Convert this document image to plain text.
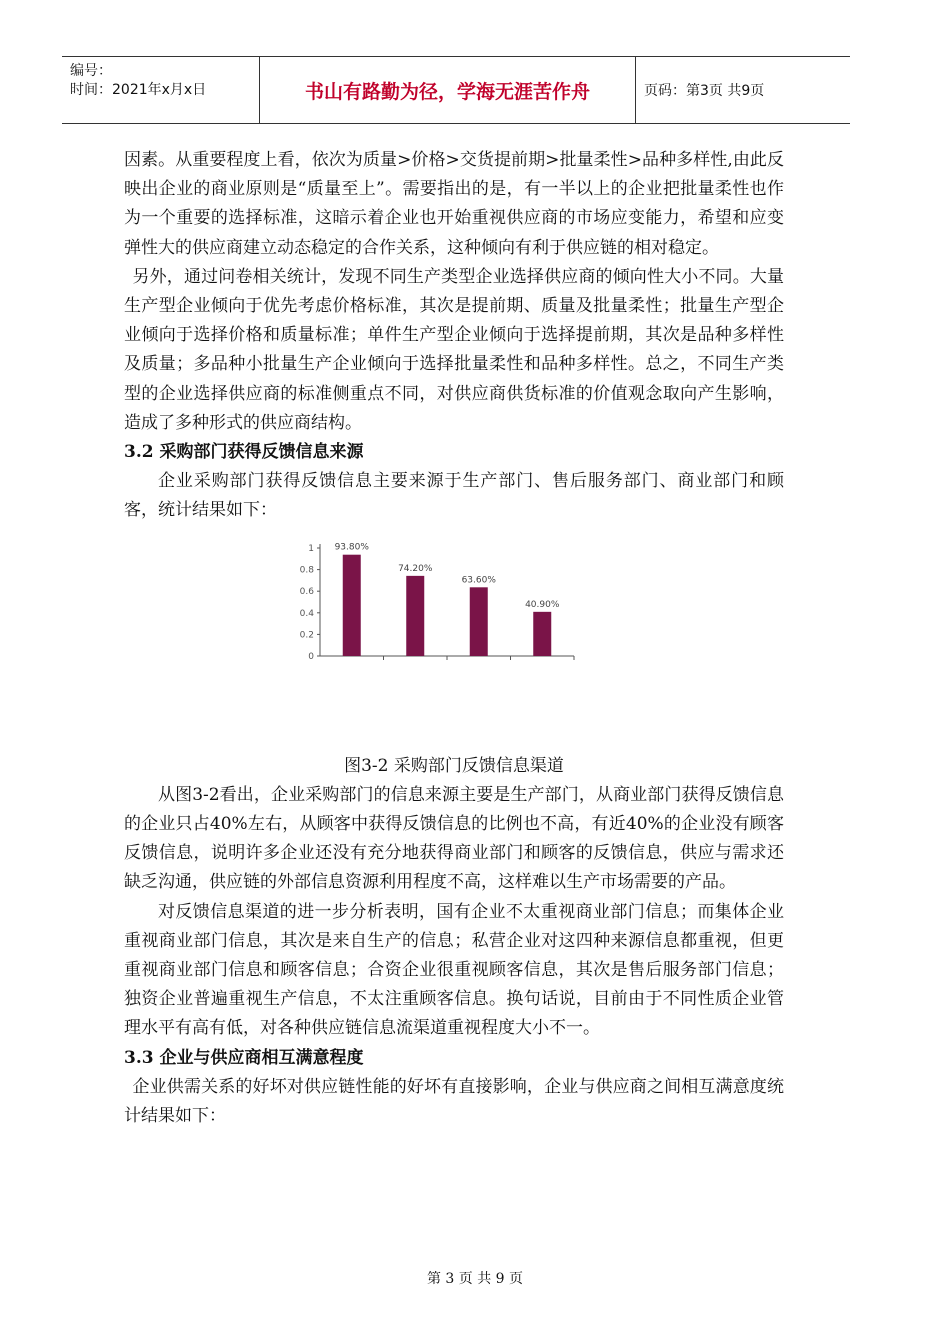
编号：
时间：2021年x月x日	书山有路勤为径，学海无涯苦作舟	页码：第3页 共9页

因素。从重要程度上看，依次为质量>价格>交货提前期>批量柔性>品种多样性,由此反映出企业的商业原则是“质量至上”。需要指出的是，有一半以上的企业把批量柔性也作为一个重要的选择标准，这暗示着企业也开始重视供应商的市场应变能力，希望和应变弹性大的供应商建立动态稳定的合作关系，这种倾向有利于供应链的相对稳定。

另外，通过问卷相关统计，发现不同生产类型企业选择供应商的倾向性大小不同。大量生产型企业倾向于优先考虑价格标准，其次是提前期、质量及批量柔性；批量生产型企业倾向于选择价格和质量标准；单件生产型企业倾向于选择提前期，其次是品种多样性及质量；多品种小批量生产企业倾向于选择批量柔性和品种多样性。总之，不同生产类型的企业选择供应商的标准侧重点不同，对供应商供货标准的价值观念取向产生影响，造成了多种形式的供应商结构。

3.2 采购部门获得反馈信息来源

企业采购部门获得反馈信息主要来源于生产部门、售后服务部门、商业部门和顾客，统计结果如下：

0
0.2
0.4
0.6
0.8
1 93.80%
74.20%
63.60%
40.90%

图3-2 采购部门反馈信息渠道

从图3-2看出，企业采购部门的信息来源主要是生产部门，从商业部门获得反馈信息的企业只占40%左右，从顾客中获得反馈信息的比例也不高，有近40%的企业没有顾客反馈信息，说明许多企业还没有充分地获得商业部门和顾客的反馈信息，供应与需求还缺乏沟通，供应链的外部信息资源利用程度不高，这样难以生产市场需要的产品。

对反馈信息渠道的进一步分析表明，国有企业不太重视商业部门信息；而集体企业重视商业部门信息，其次是来自生产的信息；私营企业对这四种来源信息都重视，但更重视商业部门信息和顾客信息；合资企业很重视顾客信息，其次是售后服务部门信息；独资企业普遍重视生产信息，不太注重顾客信息。换句话说，目前由于不同性质企业管理水平有高有低，对各种供应链信息流渠道重视程度大小不一。

3.3 企业与供应商相互满意程度

企业供需关系的好坏对供应链性能的好坏有直接影响，企业与供应商之间相互满意度统计结果如下：

第 3 页 共 9 页
